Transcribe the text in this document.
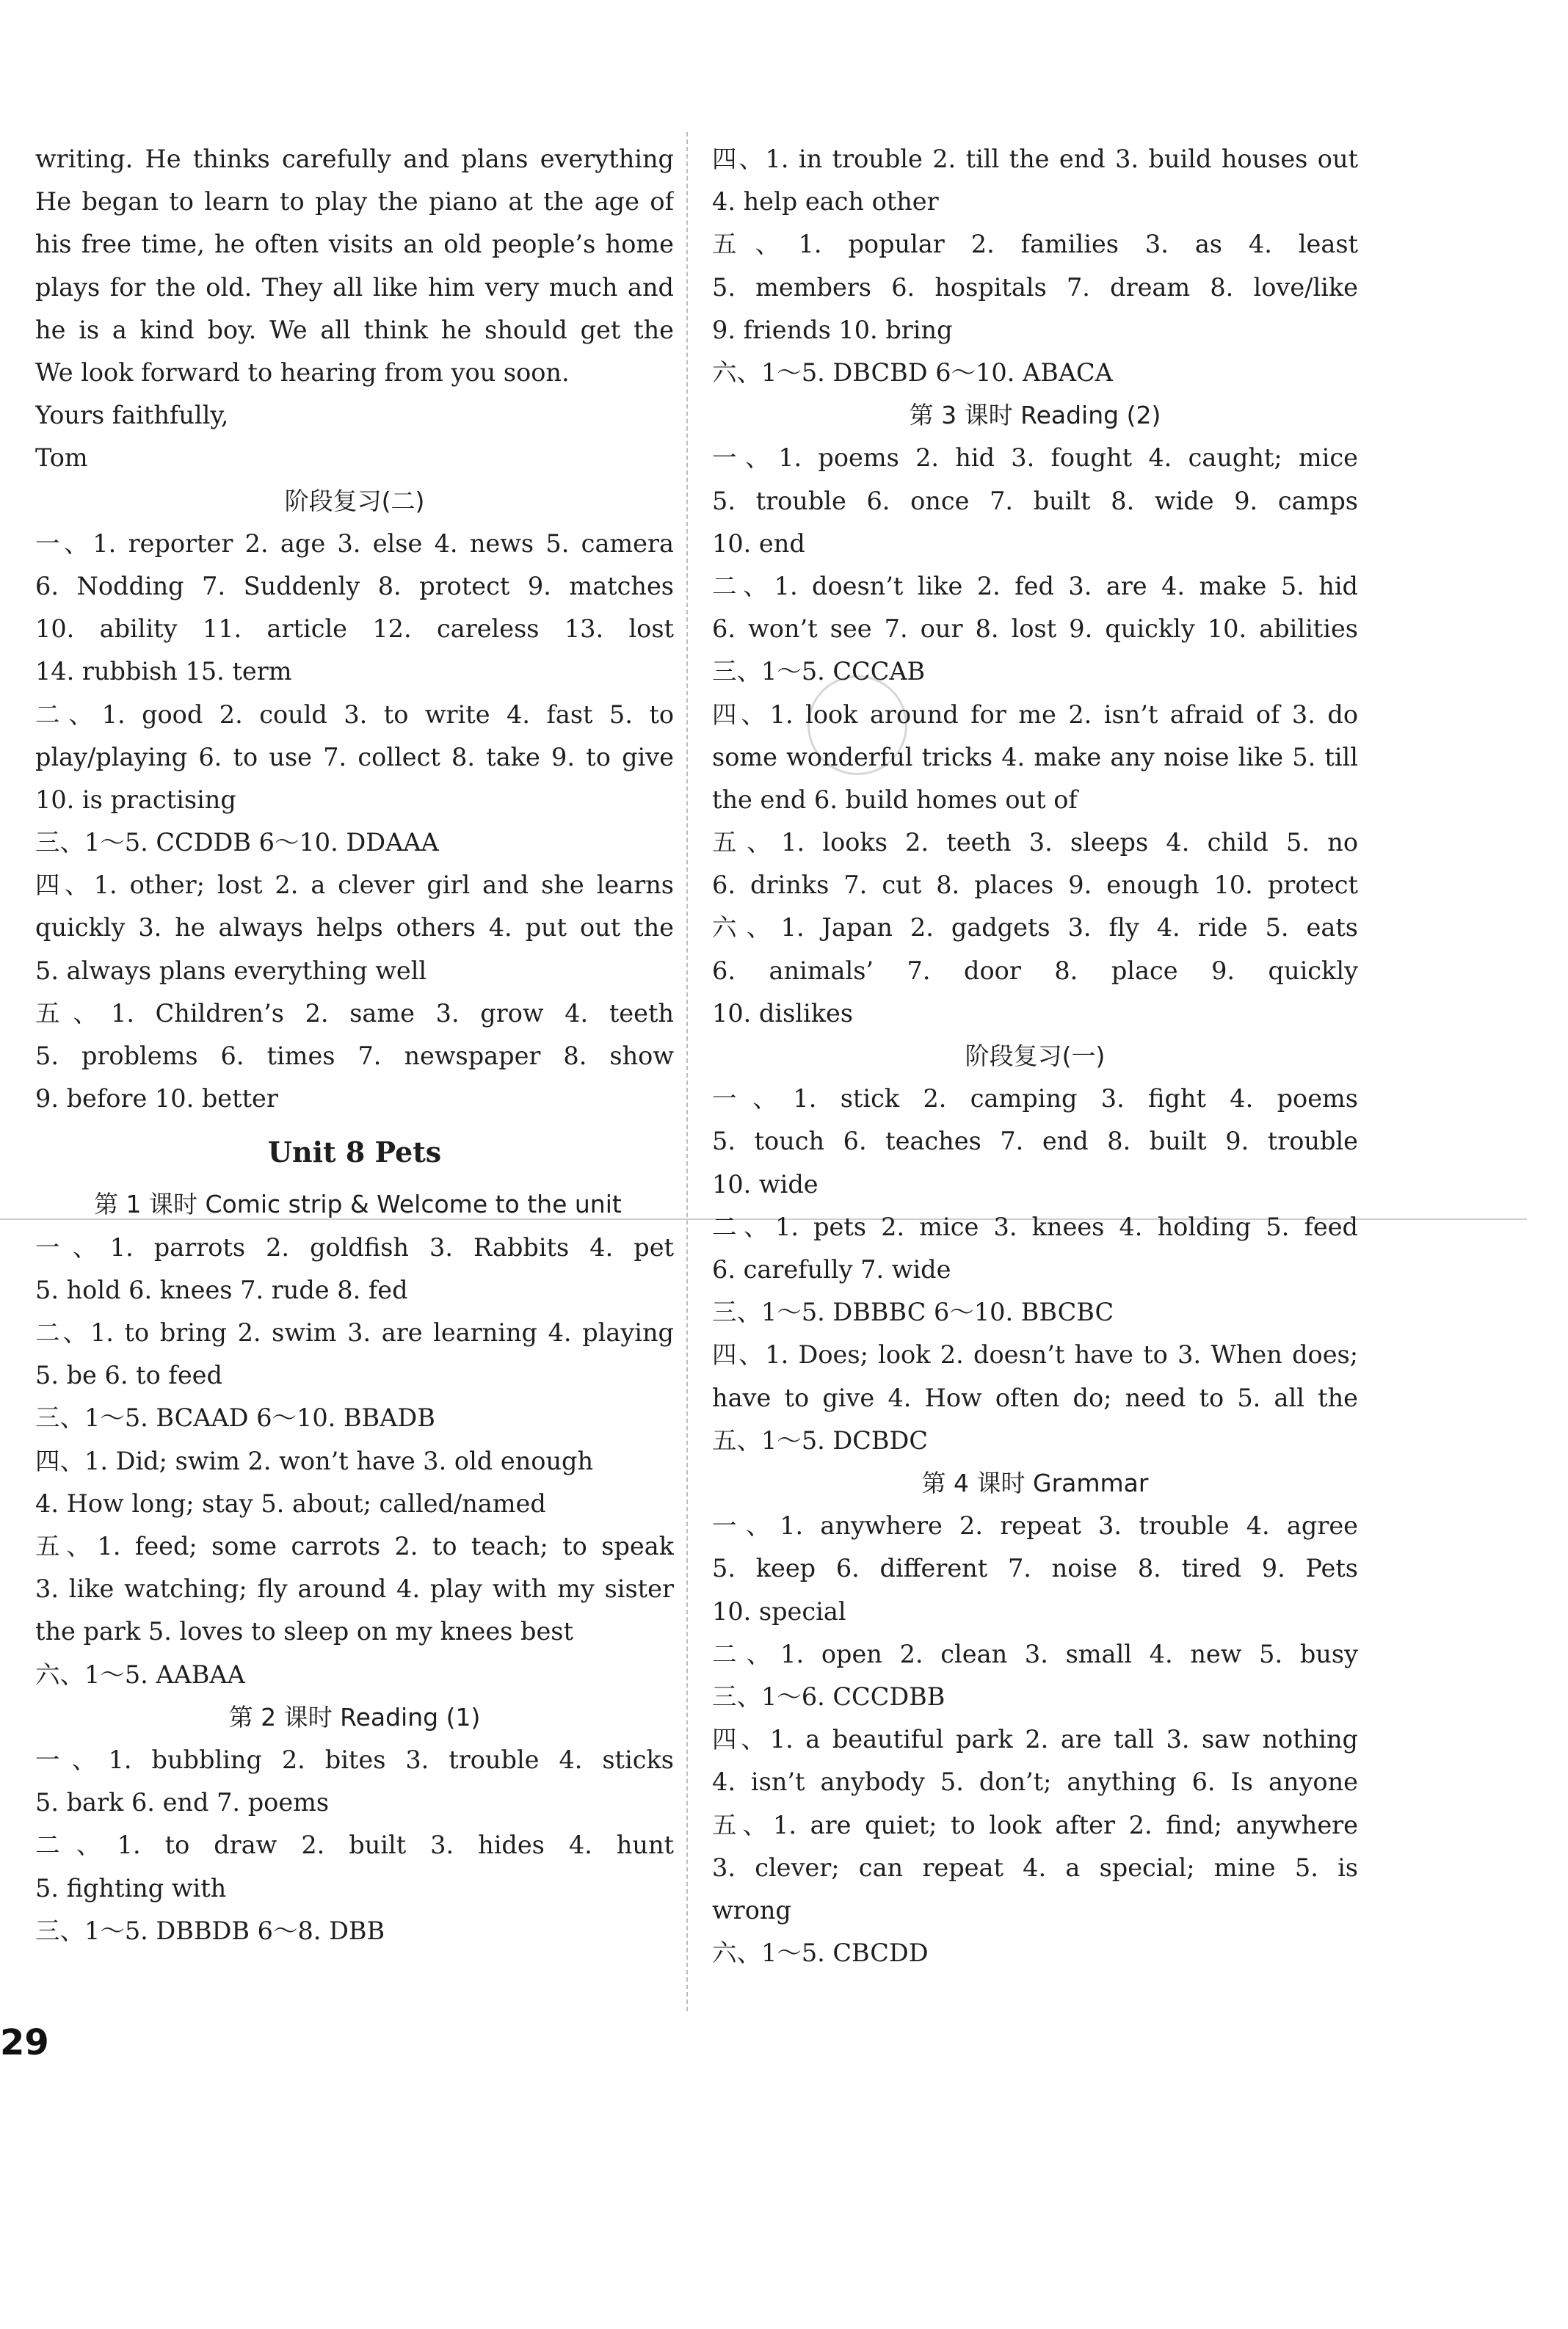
writing. He thinks carefully and plans everything
He began to learn to play the piano at the age of
his free time, he often visits an old people’s home
plays for the old. They all like him very much and
he is a kind boy. We all think he should get the
We look forward to hearing from you soon.
Yours faithfully,
Tom
阶段复习(二)
一、1. reporter 2. age 3. else 4. news 5. camera
6. Nodding 7. Suddenly 8. protect 9. matches
10. ability 11. article 12. careless 13. lost
14. rubbish 15. term
二、1. good 2. could 3. to write 4. fast 5. to
play/playing 6. to use 7. collect 8. take 9. to give
10. is practising
三、1～5. CCDDB 6～10. DDAAA
四、1. other; lost 2. a clever girl and she learns
quickly 3. he always helps others 4. put out the
5. always plans everything well
五、1. Children’s 2. same 3. grow 4. teeth
5. problems 6. times 7. newspaper 8. show
9. before 10. better
Unit 8 Pets
第 1 课时 Comic strip & Welcome to the unit
一、1. parrots 2. goldfish 3. Rabbits 4. pet
5. hold 6. knees 7. rude 8. fed
二、1. to bring 2. swim 3. are learning 4. playing
5. be 6. to feed
三、1～5. BCAAD 6～10. BBADB
四、1. Did; swim 2. won’t have 3. old enough
4. How long; stay 5. about; called/named
五、1. feed; some carrots 2. to teach; to speak
3. like watching; fly around 4. play with my sister
the park 5. loves to sleep on my knees best
六、1～5. AABAA
第 2 课时 Reading (1)
一、1. bubbling 2. bites 3. trouble 4. sticks
5. bark 6. end 7. poems
二、1. to draw 2. built 3. hides 4. hunt
5. fighting with
三、1～5. DBBDB 6～8. DBB
四、1. in trouble 2. till the end 3. build houses out
4. help each other
五、1. popular 2. families 3. as 4. least
5. members 6. hospitals 7. dream 8. love/like
9. friends 10. bring
六、1～5. DBCBD 6～10. ABACA
第 3 课时 Reading (2)
一、1. poems 2. hid 3. fought 4. caught; mice
5. trouble 6. once 7. built 8. wide 9. camps
10. end
二、1. doesn’t like 2. fed 3. are 4. make 5. hid
6. won’t see 7. our 8. lost 9. quickly 10. abilities
三、1～5. CCCAB
四、1. look around for me 2. isn’t afraid of 3. do
some wonderful tricks 4. make any noise like 5. till
the end 6. build homes out of
五、1. looks 2. teeth 3. sleeps 4. child 5. no
6. drinks 7. cut 8. places 9. enough 10. protect
六、1. Japan 2. gadgets 3. fly 4. ride 5. eats
6. animals’ 7. door 8. place 9. quickly
10. dislikes
阶段复习(一)
一、1. stick 2. camping 3. fight 4. poems
5. touch 6. teaches 7. end 8. built 9. trouble
10. wide
二、1. pets 2. mice 3. knees 4. holding 5. feed
6. carefully 7. wide
三、1～5. DBBBC 6～10. BBCBC
四、1. Does; look 2. doesn’t have to 3. When does;
have to give 4. How often do; need to 5. all the
五、1～5. DCBDC
第 4 课时 Grammar
一、1. anywhere 2. repeat 3. trouble 4. agree
5. keep 6. different 7. noise 8. tired 9. Pets
10. special
二、1. open 2. clean 3. small 4. new 5. busy
三、1～6. CCCDBB
四、1. a beautiful park 2. are tall 3. saw nothing
4. isn’t anybody 5. don’t; anything 6. Is anyone
五、1. are quiet; to look after 2. find; anywhere
3. clever; can repeat 4. a special; mine 5. is
wrong
六、1～5. CBCDD
29
